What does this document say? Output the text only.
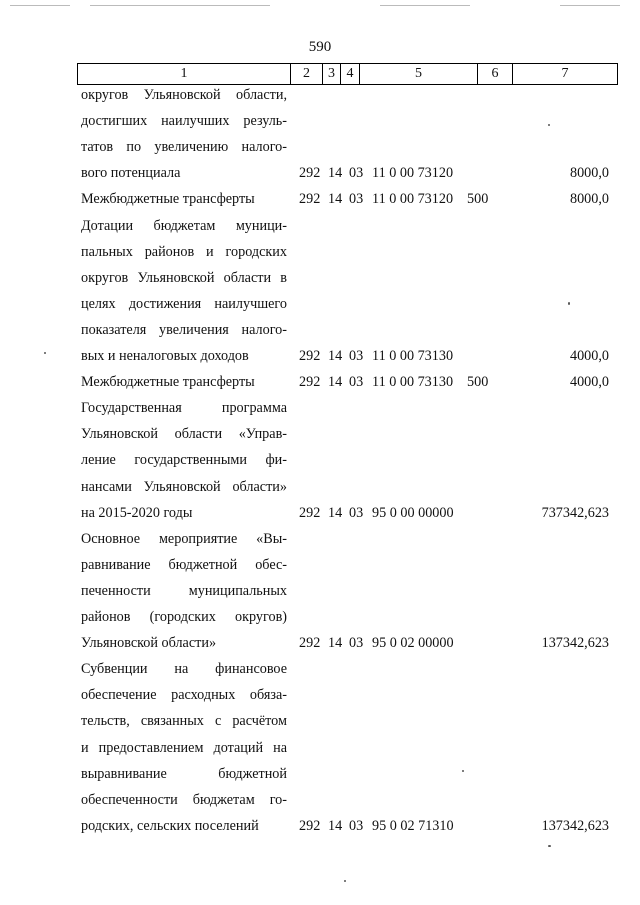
590
1	2	3	4	5	6	7
округов Ульяновской области,
достигших наилучших резуль-
татов по увеличению налого-
вого потенциала	292 14 03 11 0 00 73120	8000,0
Межбюджетные трансферты	292 14 03 11 0 00 73120 500	8000,0
Дотации бюджетам муници-
пальных районов и городских
округов Ульяновской области в
целях достижения наилучшего
показателя увеличения налого-
вых и неналоговых доходов	292 14 03 11 0 00 73130	4000,0
Межбюджетные трансферты	292 14 03 11 0 00 73130 500	4000,0
Государственная программа
Ульяновской области «Управ-
ление государственными фи-
нансами Ульяновской области»
на 2015-2020 годы	292 14 03 95 0 00 00000	737342,623
Основное мероприятие «Вы-
равнивание бюджетной обес-
печенности муниципальных
районов (городских округов)
Ульяновской области»	292 14 03 95 0 02 00000	137342,623
Субвенции на финансовое
обеспечение расходных обяза-
тельств, связанных с расчётом
и предоставлением дотаций на
выравнивание бюджетной
обеспеченности бюджетам го-
родских, сельских поселений	292 14 03 95 0 02 71310	137342,623
